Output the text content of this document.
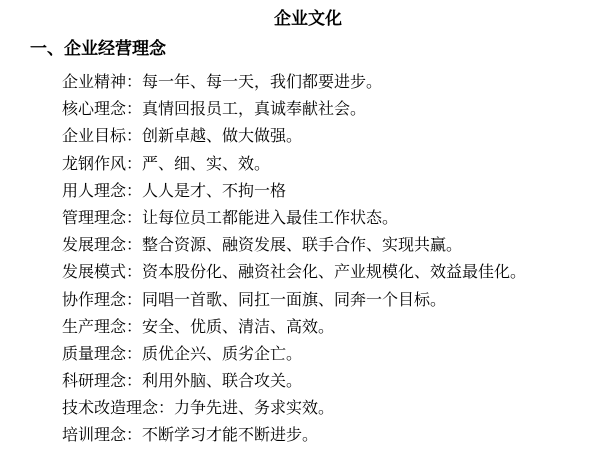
企业文化
一、企业经营理念
企业精神：每一年、每一天，我们都要进步。
核心理念：真情回报员工，真诚奉献社会。
企业目标：创新卓越、做大做强。
龙钢作风：严、细、实、效。
用人理念：人人是才、不拘一格
管理理念：让每位员工都能进入最佳工作状态。
发展理念：整合资源、融资发展、联手合作、实现共赢。
发展模式：资本股份化、融资社会化、产业规模化、效益最佳化。
协作理念：同唱一首歌、同扛一面旗、同奔一个目标。
生产理念：安全、优质、清洁、高效。
质量理念：质优企兴、质劣企亡。
科研理念：利用外脑、联合攻关。
技术改造理念：力争先进、务求实效。
培训理念：不断学习才能不断进步。
